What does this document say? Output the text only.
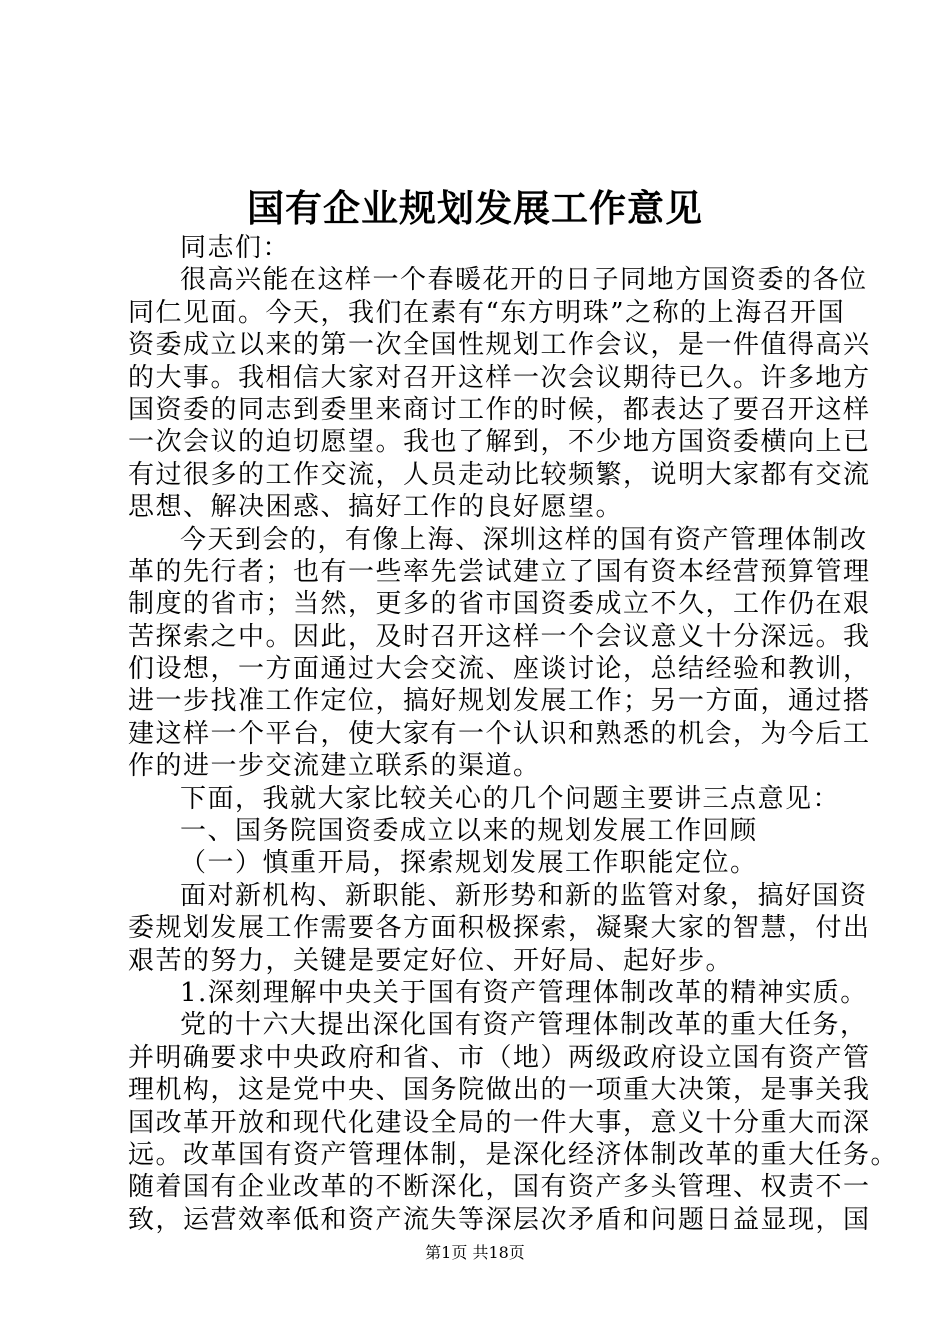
国有企业规划发展工作意见
同志们：
很高兴能在这样一个春暖花开的日子同地方国资委的各位
同仁见面。今天，我们在素有“东方明珠”之称的上海召开国
资委成立以来的第一次全国性规划工作会议，是一件值得高兴
的大事。我相信大家对召开这样一次会议期待已久。许多地方
国资委的同志到委里来商讨工作的时候，都表达了要召开这样
一次会议的迫切愿望。我也了解到，不少地方国资委横向上已
有过很多的工作交流，人员走动比较频繁，说明大家都有交流
思想、解决困惑、搞好工作的良好愿望。
今天到会的，有像上海、深圳这样的国有资产管理体制改
革的先行者；也有一些率先尝试建立了国有资本经营预算管理
制度的省市；当然，更多的省市国资委成立不久，工作仍在艰
苦探索之中。因此，及时召开这样一个会议意义十分深远。我
们设想，一方面通过大会交流、座谈讨论，总结经验和教训，
进一步找准工作定位，搞好规划发展工作；另一方面，通过搭
建这样一个平台，使大家有一个认识和熟悉的机会，为今后工
作的进一步交流建立联系的渠道。
下面，我就大家比较关心的几个问题主要讲三点意见：
一、国务院国资委成立以来的规划发展工作回顾
（一）慎重开局，探索规划发展工作职能定位。
面对新机构、新职能、新形势和新的监管对象，搞好国资
委规划发展工作需要各方面积极探索，凝聚大家的智慧，付出
艰苦的努力，关键是要定好位、开好局、起好步。
1.深刻理解中央关于国有资产管理体制改革的精神实质。
党的十六大提出深化国有资产管理体制改革的重大任务，
并明确要求中央政府和省、市（地）两级政府设立国有资产管
理机构，这是党中央、国务院做出的一项重大决策，是事关我
国改革开放和现代化建设全局的一件大事，意义十分重大而深
远。改革国有资产管理体制，是深化经济体制改革的重大任务。
随着国有企业改革的不断深化，国有资产多头管理、权责不一
致，运营效率低和资产流失等深层次矛盾和问题日益显现，国
第1页 共18页
